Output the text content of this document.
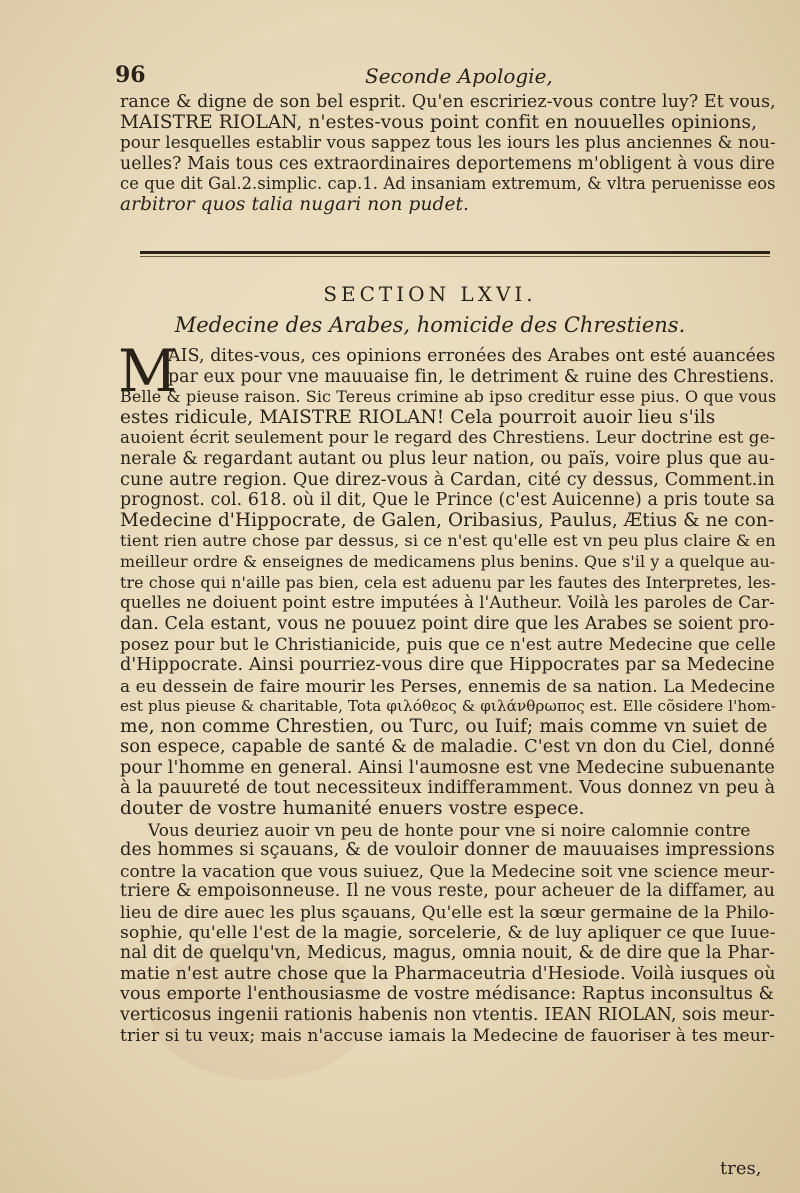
96	Seconde Apologie,
rance & digne de son bel esprit. Qu'en escririez-vous contre luy? Et vous,
MAISTRE RIOLAN, n'estes-vous point confit en nouuelles opinions,
pour lesquelles establir vous sappez tous les iours les plus anciennes & nou-
uelles? Mais tous ces extraordinaires deportemens m'obligent à vous dire
ce que dit Gal.2.simplic. cap.1. Ad insaniam extremum, & vltra peruenisse eos
arbitror quos talia nugari non pudet.
SECTION LXVI.
Medecine des Arabes, homicide des Chrestiens.
M
AIS, dites-vous, ces opinions erronées des Arabes ont esté auancées
par eux pour vne mauuaise fin, le detriment & ruine des Chrestiens.
Belle & pieuse raison. Sic Tereus crimine ab ipso creditur esse pius. O que vous
estes ridicule, MAISTRE RIOLAN! Cela pourroit auoir lieu s'ils
auoient écrit seulement pour le regard des Chrestiens. Leur doctrine est ge-
nerale & regardant autant ou plus leur nation, ou païs, voire plus que au-
cune autre region. Que direz-vous à Cardan, cité cy dessus, Comment.in
prognost. col. 618. où il dit, Que le Prince (c'est Auicenne) a pris toute sa
Medecine d'Hippocrate, de Galen, Oribasius, Paulus, Ætius & ne con-
tient rien autre chose par dessus, si ce n'est qu'elle est vn peu plus claire & en
meilleur ordre & enseignes de medicamens plus benins. Que s'il y a quelque au-
tre chose qui n'aille pas bien, cela est aduenu par les fautes des Interpretes, les-
quelles ne doiuent point estre imputées à l'Autheur. Voilà les paroles de Car-
dan. Cela estant, vous ne pouuez point dire que les Arabes se soient pro-
posez pour but le Christianicide, puis que ce n'est autre Medecine que celle
d'Hippocrate. Ainsi pourriez-vous dire que Hippocrates par sa Medecine
a eu dessein de faire mourir les Perses, ennemis de sa nation. La Medecine
est plus pieuse & charitable, Tota φιλόθεος & φιλάνθρωπος est. Elle cõsidere l'hom-
me, non comme Chrestien, ou Turc, ou Iuif; mais comme vn suiet de
son espece, capable de santé & de maladie. C'est vn don du Ciel, donné
pour l'homme en general. Ainsi l'aumosne est vne Medecine subuenante
à la pauureté de tout necessiteux indifferamment. Vous donnez vn peu à
douter de vostre humanité enuers vostre espece.
Vous deuriez auoir vn peu de honte pour vne si noire calomnie contre
des hommes si sçauans, & de vouloir donner de mauuaises impressions
contre la vacation que vous suiuez, Que la Medecine soit vne science meur-
triere & empoisonneuse. Il ne vous reste, pour acheuer de la diffamer, au
lieu de dire auec les plus sçauans, Qu'elle est la sœur germaine de la Philo-
sophie, qu'elle l'est de la magie, sorcelerie, & de luy apliquer ce que Iuue-
nal dit de quelqu'vn, Medicus, magus, omnia nouit, & de dire que la Phar-
matie n'est autre chose que la Pharmaceutria d'Hesiode. Voilà iusques où
vous emporte l'enthousiasme de vostre médisance: Raptus inconsultus &
verticosus ingenii rationis habenis non vtentis. IEAN RIOLAN, sois meur-
trier si tu veux; mais n'accuse iamais la Medecine de fauoriser à tes meur-
tres,
